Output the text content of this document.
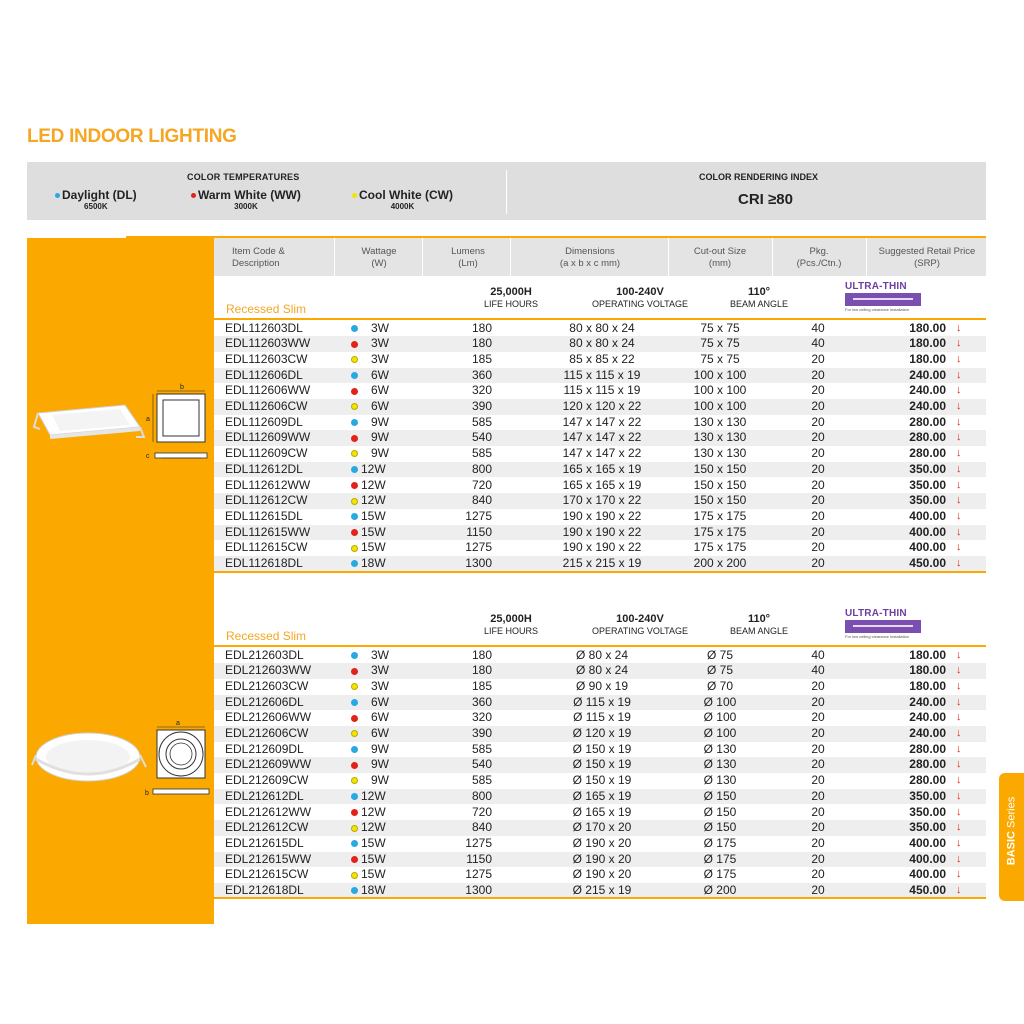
LED INDOOR LIGHTING
COLOR TEMPERATURES
Daylight (DL)
6500K
Warm White (WW)
3000K
Cool White (CW)
4000K
COLOR RENDERING INDEX
CRI ≥80
Item Code &
Description
Wattage
(W)
Lumens
(Lm)
Dimensions
(a x b x c mm)
Cut-out Size
(mm)
Pkg.
(Pcs./Ctn.)
Suggested Retail Price
(SRP)
Recessed Slim
25,000H
LIFE HOURS
100-240V
OPERATING VOLTAGE
110°
BEAM ANGLE
ULTRA-THIN
For low ceiling clearance installation
EDL112603DL	3W	180	80 x 80 x 24	75 x 75	40	180.00 ↓
EDL112603WW	3W	180	80 x 80 x 24	75 x 75	40	180.00 ↓
EDL112603CW	3W	185	85 x 85 x 22	75 x 75	20	180.00 ↓
EDL112606DL	6W	360	115 x 115 x 19	100 x 100	20	240.00 ↓
EDL112606WW	6W	320	115 x 115 x 19	100 x 100	20	240.00 ↓
EDL112606CW	6W	390	120 x 120 x 22	100 x 100	20	240.00 ↓
EDL112609DL	9W	585	147 x 147 x 22	130 x 130	20	280.00 ↓
EDL112609WW	9W	540	147 x 147 x 22	130 x 130	20	280.00 ↓
EDL112609CW	9W	585	147 x 147 x 22	130 x 130	20	280.00 ↓
EDL112612DL	12W	800	165 x 165 x 19	150 x 150	20	350.00 ↓
EDL112612WW	12W	720	165 x 165 x 19	150 x 150	20	350.00 ↓
EDL112612CW	12W	840	170 x 170 x 22	150 x 150	20	350.00 ↓
EDL112615DL	15W	1275	190 x 190 x 22	175 x 175	20	400.00 ↓
EDL112615WW	15W	1150	190 x 190 x 22	175 x 175	20	400.00 ↓
EDL112615CW	15W	1275	190 x 190 x 22	175 x 175	20	400.00 ↓
EDL112618DL	18W	1300	215 x 215 x 19	200 x 200	20	450.00 ↓
Recessed Slim
25,000H
LIFE HOURS
100-240V
OPERATING VOLTAGE
110°
BEAM ANGLE
ULTRA-THIN
For low ceiling clearance installation
EDL212603DL	3W	180	Ø 80 x 24	Ø 75	40	180.00 ↓
EDL212603WW	3W	180	Ø 80 x 24	Ø 75	40	180.00 ↓
EDL212603CW	3W	185	Ø 90 x 19	Ø 70	20	180.00 ↓
EDL212606DL	6W	360	Ø 115 x 19	Ø 100	20	240.00 ↓
EDL212606WW	6W	320	Ø 115 x 19	Ø 100	20	240.00 ↓
EDL212606CW	6W	390	Ø 120 x 19	Ø 100	20	240.00 ↓
EDL212609DL	9W	585	Ø 150 x 19	Ø 130	20	280.00 ↓
EDL212609WW	9W	540	Ø 150 x 19	Ø 130	20	280.00 ↓
EDL212609CW	9W	585	Ø 150 x 19	Ø 130	20	280.00 ↓
EDL212612DL	12W	800	Ø 165 x 19	Ø 150	20	350.00 ↓
EDL212612WW	12W	720	Ø 165 x 19	Ø 150	20	350.00 ↓
EDL212612CW	12W	840	Ø 170 x 20	Ø 150	20	350.00 ↓
EDL212615DL	15W	1275	Ø 190 x 20	Ø 175	20	400.00 ↓
EDL212615WW	15W	1150	Ø 190 x 20	Ø 175	20	400.00 ↓
EDL212615CW	15W	1275	Ø 190 x 20	Ø 175	20	400.00 ↓
EDL212618DL	18W	1300	Ø 215 x 19	Ø 200	20	450.00 ↓
b
a
c
a
b
BASIC Series
